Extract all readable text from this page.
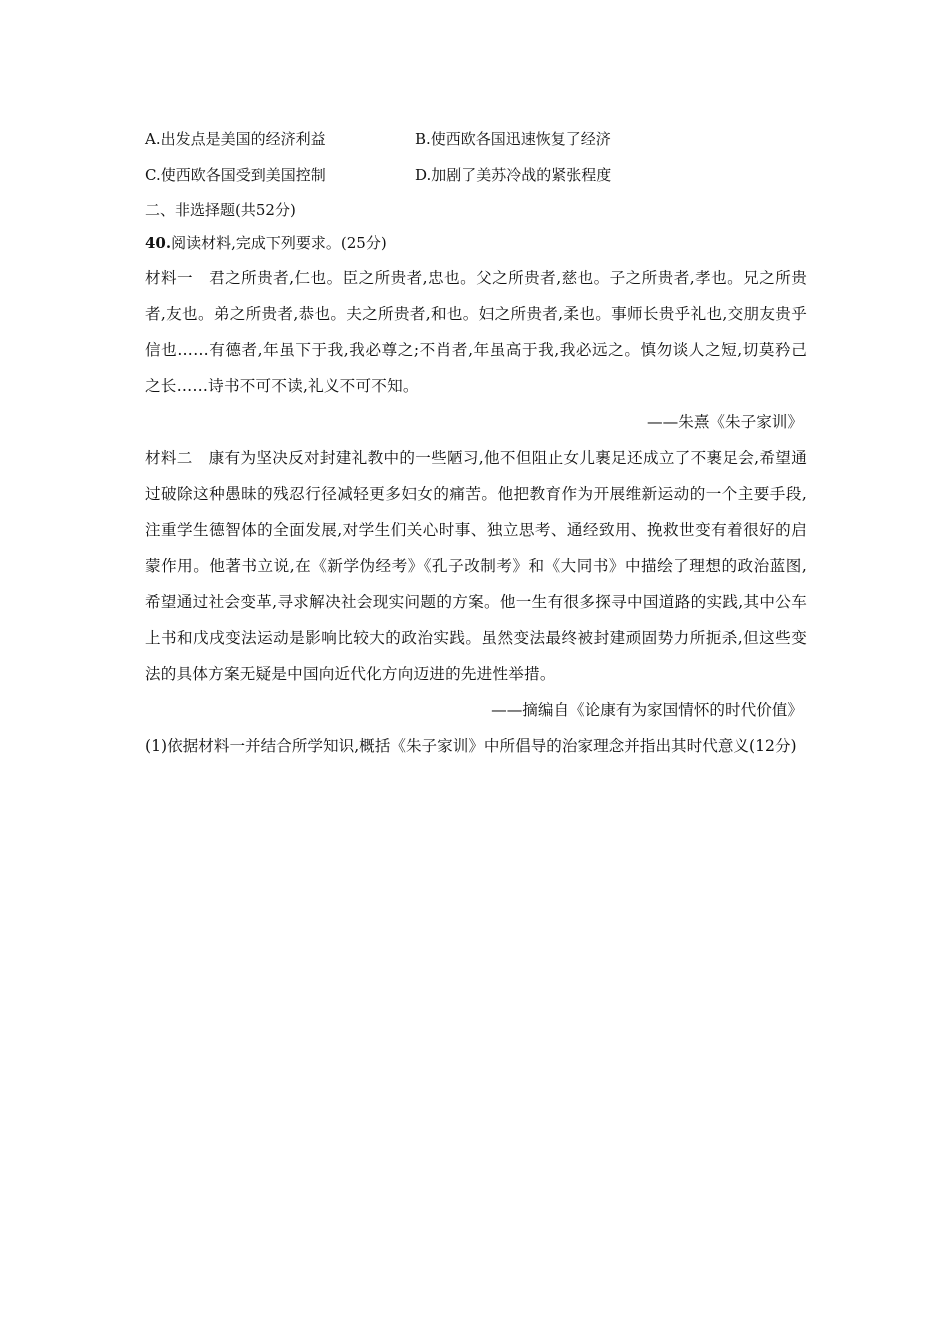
A.出发点是美国的经济利益	B.使西欧各国迅速恢复了经济
C.使西欧各国受到美国控制	D.加剧了美苏冷战的紧张程度
二、非选择题(共52分)
40.阅读材料,完成下列要求。(25分)

材料一 君之所贵者,仁也。臣之所贵者,忠也。父之所贵者,慈也。子之所贵者,孝也。兄之所贵者,友也。弟之所贵者,恭也。夫之所贵者,和也。妇之所贵者,柔也。事师长贵乎礼也,交朋友贵乎信也……有德者,年虽下于我,我必尊之;不肖者,年虽高于我,我必远之。慎勿谈人之短,切莫矜己之长……诗书不可不读,礼义不可不知。

——朱熹《朱子家训》

材料二 康有为坚决反对封建礼教中的一些陋习,他不但阻止女儿裹足还成立了不裹足会,希望通过破除这种愚昧的残忍行径减轻更多妇女的痛苦。他把教育作为开展维新运动的一个主要手段,注重学生德智体的全面发展,对学生们关心时事、独立思考、通经致用、挽救世变有着很好的启蒙作用。他著书立说,在《新学伪经考》《孔子改制考》和《大同书》中描绘了理想的政治蓝图,希望通过社会变革,寻求解决社会现实问题的方案。他一生有很多探寻中国道路的实践,其中公车上书和戊戌变法运动是影响比较大的政治实践。虽然变法最终被封建顽固势力所扼杀,但这些变法的具体方案无疑是中国向近代化方向迈进的先进性举措。

——摘编自《论康有为家国情怀的时代价值》

(1)依据材料一并结合所学知识,概括《朱子家训》中所倡导的治家理念并指出其时代意义(12分)
